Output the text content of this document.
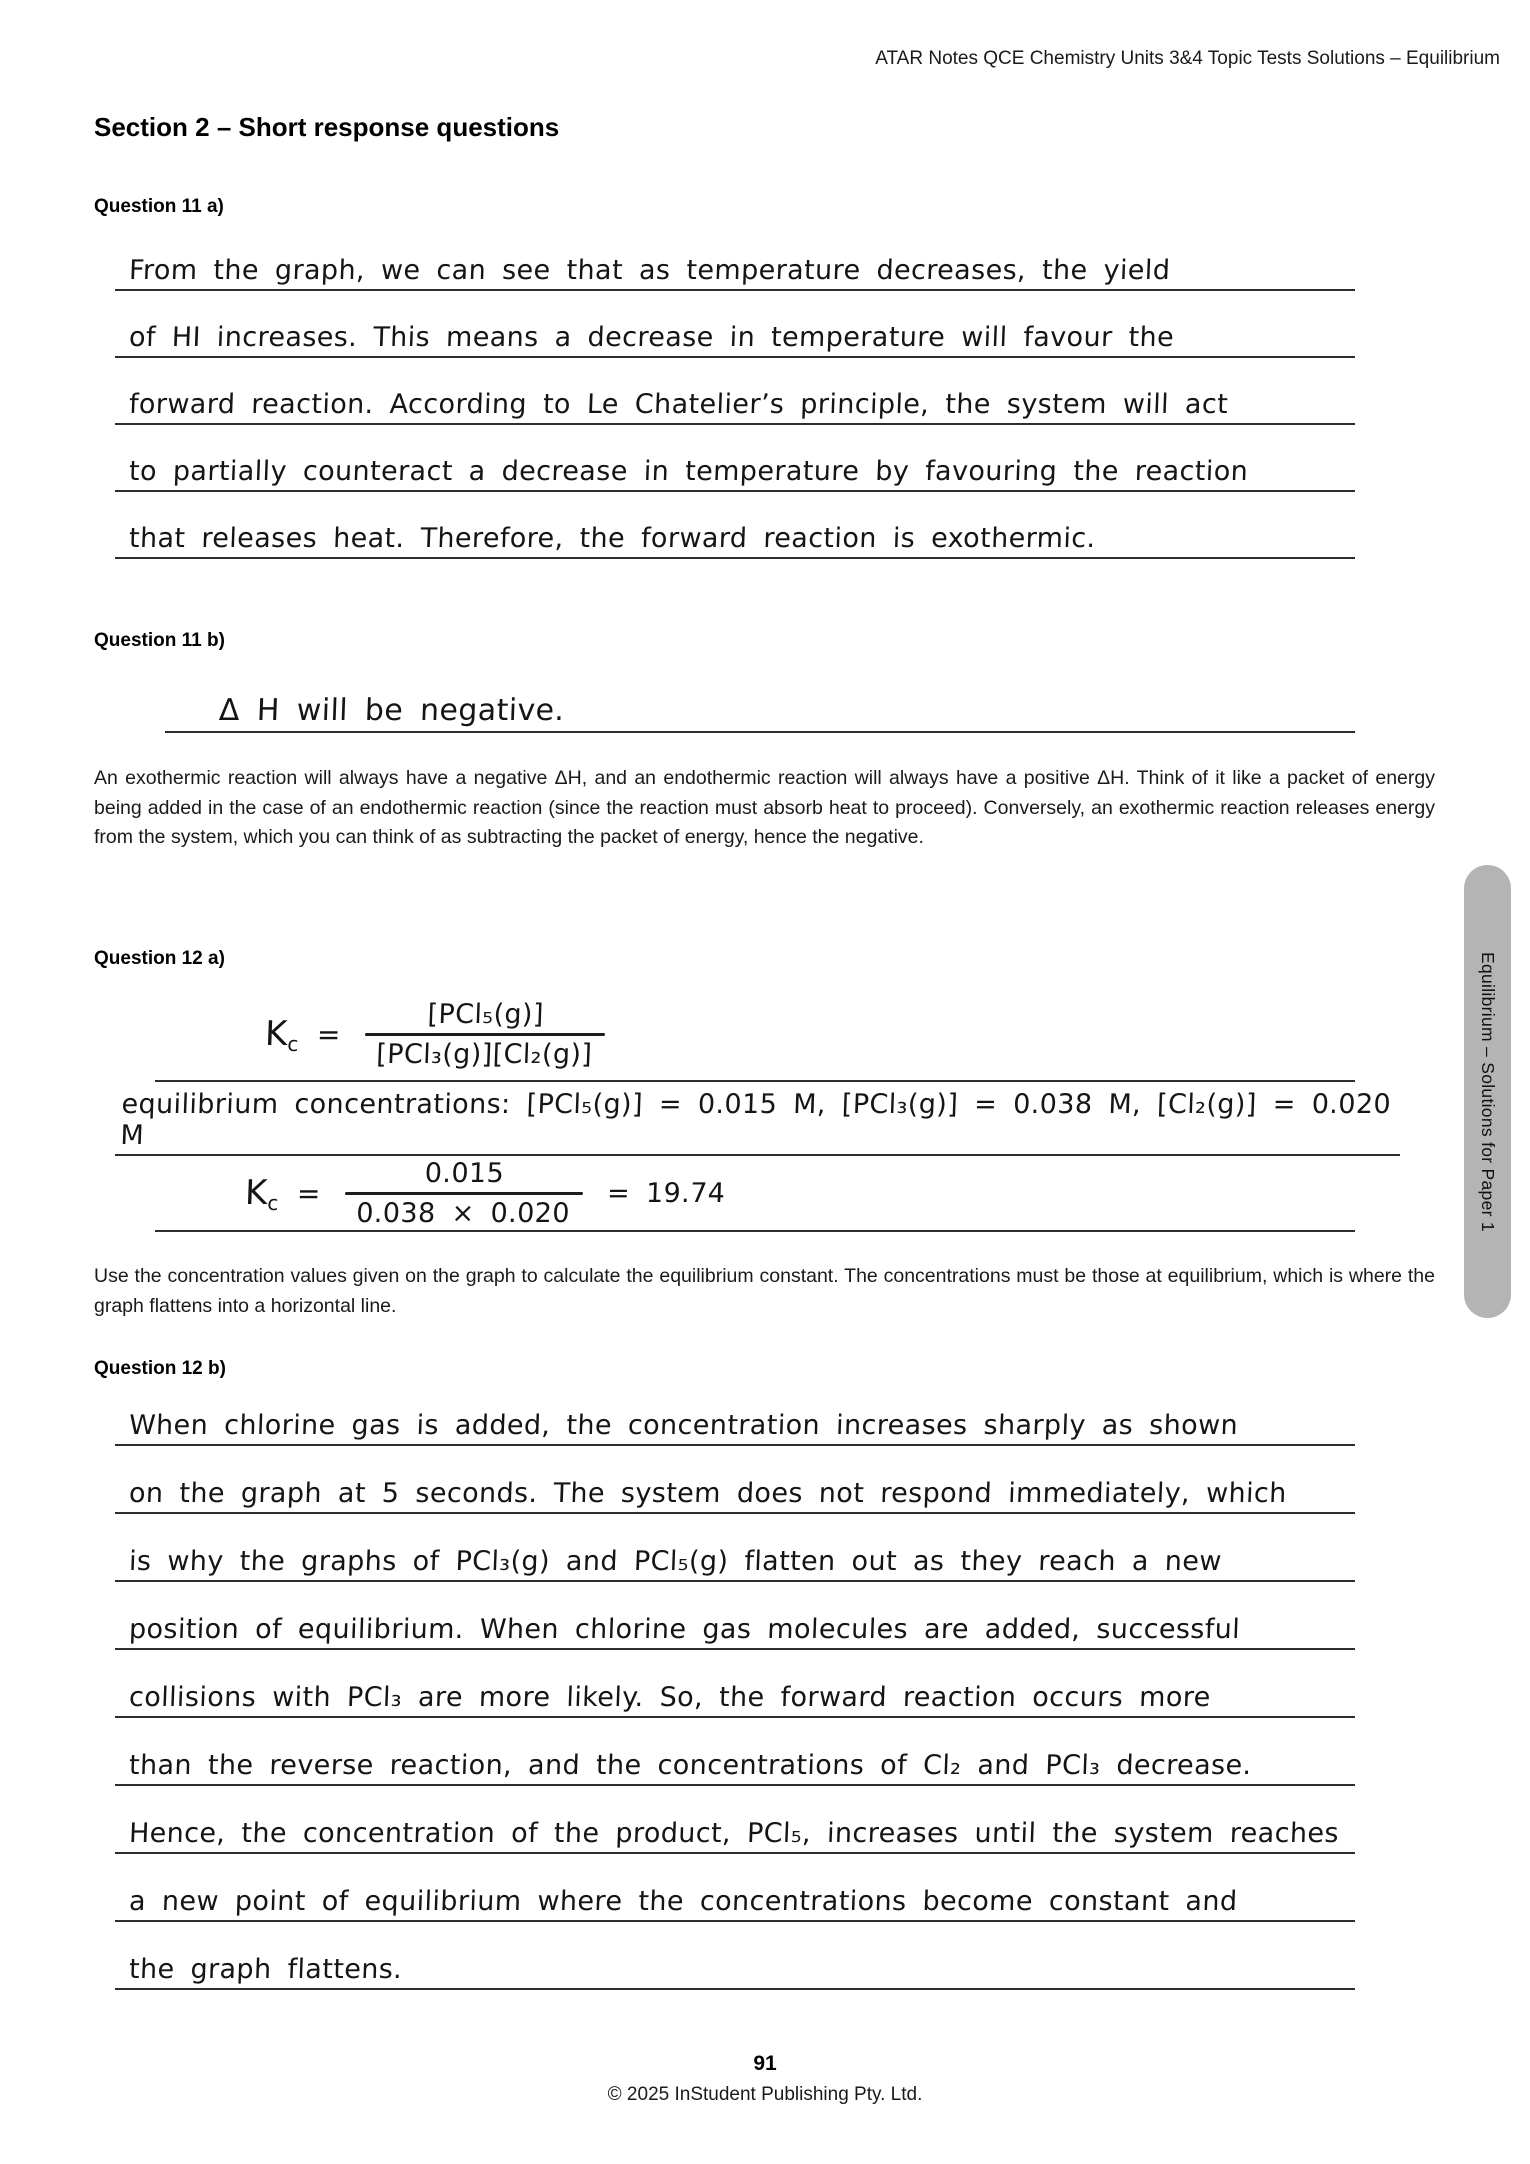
ATAR Notes QCE Chemistry Units 3&4 Topic Tests Solutions – Equilibrium
Section 2 – Short response questions
Question 11 a)
From the graph, we can see that as temperature decreases, the yield
of HI increases. This means a decrease in temperature will favour the
forward reaction. According to Le Chatelier’s principle, the system will act
to partially counteract a decrease in temperature by favouring the reaction
that releases heat. Therefore, the forward reaction is exothermic.
Question 11 b)
Δ H will be negative.
An exothermic reaction will always have a negative ΔH, and an endothermic reaction will always have a positive ΔH. Think of it like a packet of energy being added in the case of an endothermic reaction (since the reaction must absorb heat to proceed). Conversely, an exothermic reaction releases energy from the system, which you can think of as subtracting the packet of energy, hence the negative.
Question 12 a)
$K_c = \frac{\text{[PCl₅(g)]}}{\text{[PCl₃(g)][Cl₂(g)]}}$
equilibrium concentrations: [PCl₅(g)] = 0.015 M, [PCl₃(g)] = 0.038 M, [Cl₂(g)] = 0.020 M
$K_c = \frac{0.015}{0.038 \times 0.020} = 19.74$
Use the concentration values given on the graph to calculate the equilibrium constant. The concentrations must be those at equilibrium, which is where the graph flattens into a horizontal line.
Question 12 b)
When chlorine gas is added, the concentration increases sharply as shown
on the graph at 5 seconds. The system does not respond immediately, which
is why the graphs of PCl₃(g) and PCl₅(g) flatten out as they reach a new
position of equilibrium. When chlorine gas molecules are added, successful
collisions with PCl₃ are more likely. So, the forward reaction occurs more
than the reverse reaction, and the concentrations of Cl₂ and PCl₃ decrease.
Hence, the concentration of the product, PCl₅, increases until the system reaches
a new point of equilibrium where the concentrations become constant and
the graph flattens.
Equilibrium – Solutions for Paper 1
91
© 2025 InStudent Publishing Pty. Ltd.
